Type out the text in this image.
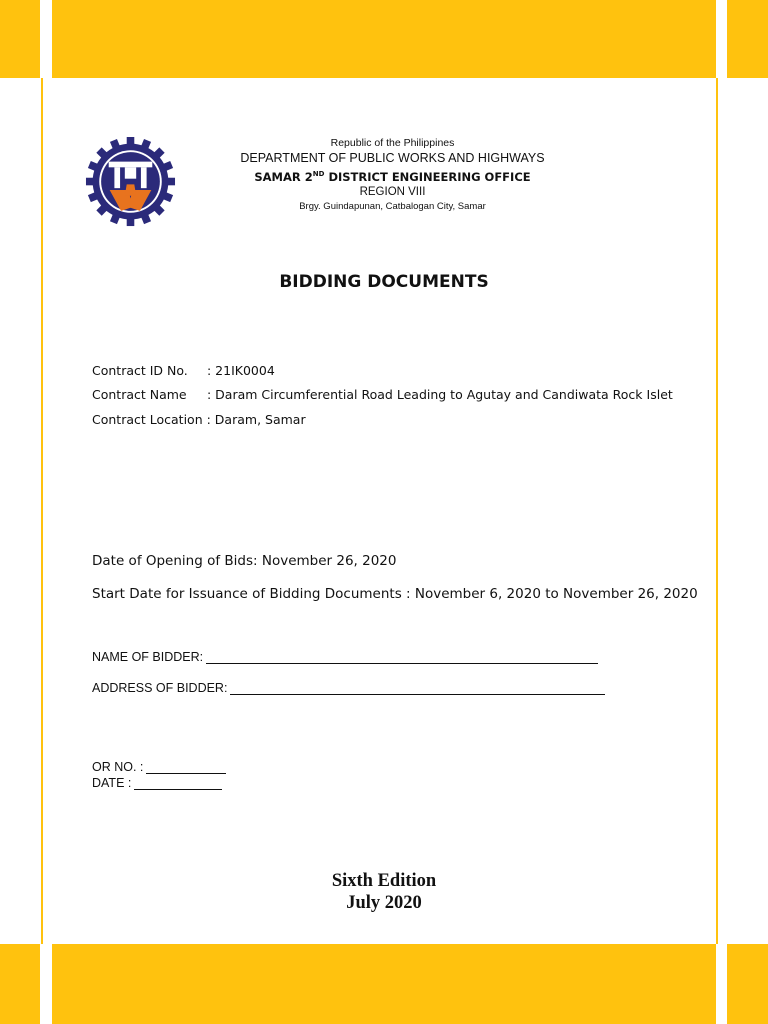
Republic of the Philippines
DEPARTMENT OF PUBLIC WORKS AND HIGHWAYS
SAMAR 2ND DISTRICT ENGINEERING OFFICE
REGION VIII
Brgy. Guindapunan, Catbalogan City, Samar
BIDDING DOCUMENTS
Contract ID No.	: 21IK0004
Contract Name	: Daram Circumferential Road Leading to Agutay and Candiwata Rock Islet
Contract Location : Daram, Samar
Date of Opening of Bids: November 26, 2020
Start Date for Issuance of Bidding Documents : November 6, 2020 to November 26, 2020
NAME OF BIDDER:
ADDRESS OF BIDDER:
OR NO. :
DATE :
Sixth Edition
July 2020
